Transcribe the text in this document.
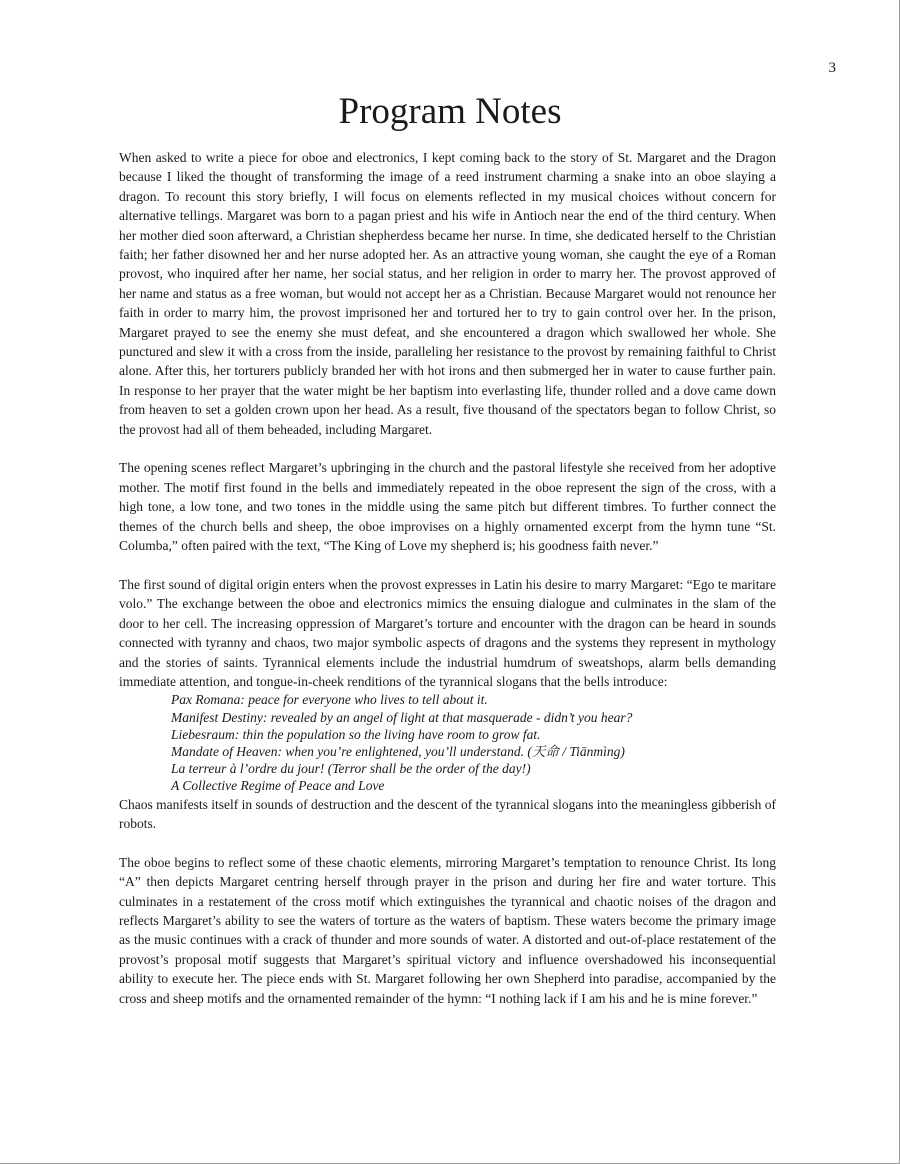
3
Program Notes

When asked to write a piece for oboe and electronics, I kept coming back to the story of St. Margaret and the Dragon because I liked the thought of transforming the image of a reed instrument charming a snake into an oboe slaying a dragon. To recount this story briefly, I will focus on elements reflected in my musical choices without concern for alternative tellings. Margaret was born to a pagan priest and his wife in Antioch near the end of the third century. When her mother died soon afterward, a Christian shepherdess became her nurse. In time, she dedicated herself to the Christian faith; her father disowned her and her nurse adopted her. As an attractive young woman, she caught the eye of a Roman provost, who inquired after her name, her social status, and her religion in order to marry her. The provost approved of her name and status as a free woman, but would not accept her as a Christian. Because Margaret would not renounce her faith in order to marry him, the provost imprisoned her and tortured her to try to gain control over her. In the prison, Margaret prayed to see the enemy she must defeat, and she encountered a dragon which swallowed her whole. She punctured and slew it with a cross from the inside, paralleling her resistance to the provost by remaining faithful to Christ alone. After this, her torturers publicly branded her with hot irons and then submerged her in water to cause further pain. In response to her prayer that the water might be her baptism into everlasting life, thunder rolled and a dove came down from heaven to set a golden crown upon her head. As a result, five thousand of the spectators began to follow Christ, so the provost had all of them beheaded, including Margaret.

The opening scenes reflect Margaret’s upbringing in the church and the pastoral lifestyle she received from her adoptive mother. The motif first found in the bells and immediately repeated in the oboe represent the sign of the cross, with a high tone, a low tone, and two tones in the middle using the same pitch but different timbres. To further connect the themes of the church bells and sheep, the oboe improvises on a highly ornamented excerpt from the hymn tune “St. Columba,” often paired with the text, “The King of Love my shepherd is; his goodness faith never.”

The first sound of digital origin enters when the provost expresses in Latin his desire to marry Margaret: “Ego te maritare volo.” The exchange between the oboe and electronics mimics the ensuing dialogue and culminates in the slam of the door to her cell. The increasing oppression of Margaret’s torture and encounter with the dragon can be heard in sounds connected with tyranny and chaos, two major symbolic aspects of dragons and the systems they represent in mythology and the stories of saints. Tyrannical elements include the industrial humdrum of sweatshops, alarm bells demanding immediate attention, and tongue-in-cheek renditions of the tyrannical slogans that the bells introduce:

Pax Romana: peace for everyone who lives to tell about it.
Manifest Destiny: revealed by an angel of light at that masquerade - didn’t you hear?
Liebesraum: thin the population so the living have room to grow fat.
Mandate of Heaven: when you’re enlightened, you’ll understand. (天命 / Tiānmìng)
La terreur à l’ordre du jour! (Terror shall be the order of the day!)
A Collective Regime of Peace and Love

Chaos manifests itself in sounds of destruction and the descent of the tyrannical slogans into the meaningless gibberish of robots.

The oboe begins to reflect some of these chaotic elements, mirroring Margaret’s temptation to renounce Christ. Its long “A” then depicts Margaret centring herself through prayer in the prison and during her fire and water torture. This culminates in a restatement of the cross motif which extinguishes the tyrannical and chaotic noises of the dragon and reflects Margaret’s ability to see the waters of torture as the waters of baptism. These waters become the primary image as the music continues with a crack of thunder and more sounds of water. A distorted and out-of-place restatement of the provost’s proposal motif suggests that Margaret’s spiritual victory and influence overshadowed his inconsequential ability to execute her. The piece ends with St. Margaret following her own Shepherd into paradise, accompanied by the cross and sheep motifs and the ornamented remainder of the hymn: “I nothing lack if I am his and he is mine forever.”
